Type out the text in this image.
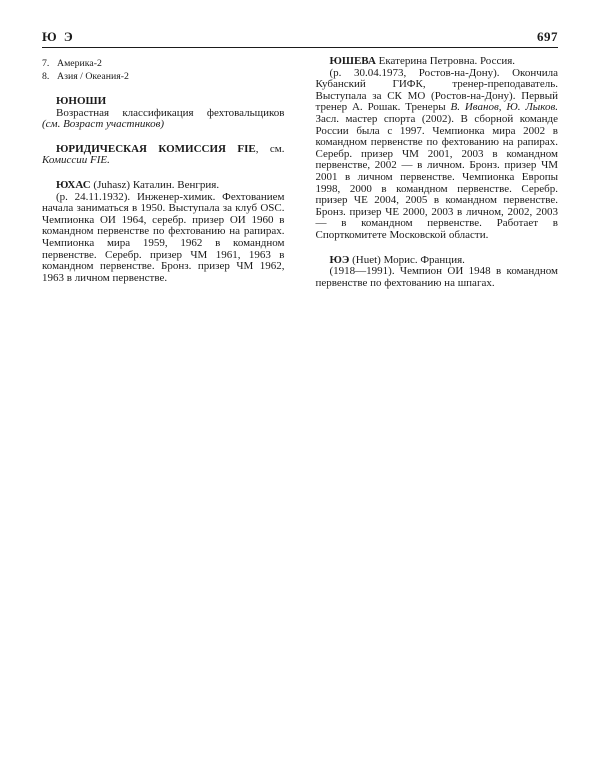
Ю Э	697
7. Америка-2
8. Азия / Океания-2

ЮНОШИ

Возрастная классификация фехтовальщиков (см. Возраст участников)

ЮРИДИЧЕСКАЯ КОМИССИЯ FIE, см. Комиссии FIE.

ЮХАС (Juhasz) Каталин. Венгрия.

(р. 24.11.1932). Инженер-химик. Фехтованием начала заниматься в 1950. Выступала за клуб OSC. Чемпионка ОИ 1964, серебр. призер ОИ 1960 в командном первенстве по фехтованию на рапирах. Чемпионка мира 1959, 1962 в командном первенстве. Серебр. призер ЧМ 1961, 1963 в командном первенстве. Бронз. призер ЧМ 1962, 1963 в личном первенстве.

ЮШЕВА Екатерина Петровна. Россия.

(р. 30.04.1973, Ростов-на-Дону). Окончила Кубанский ГИФК, тренер-преподаватель. Выступала за СК МО (Ростов-на-Дону). Первый тренер А. Рошак. Тренеры В. Иванов, Ю. Лыков. Засл. мастер спорта (2002). В сборной команде России была с 1997. Чемпионка мира 2002 в командном первенстве по фехтованию на рапирах. Серебр. призер ЧМ 2001, 2003 в командном первенстве, 2002 — в личном. Бронз. призер ЧМ 2001 в личном первенстве. Чемпионка Европы 1998, 2000 в командном первенстве. Серебр. призер ЧЕ 2004, 2005 в командном первенстве. Бронз. призер ЧЕ 2000, 2003 в личном, 2002, 2003 — в командном первенстве. Работает в Спорткомитете Московской области.

ЮЭ (Huet) Морис. Франция.

(1918—1991). Чемпион ОИ 1948 в командном первенстве по фехтованию на шпагах.
